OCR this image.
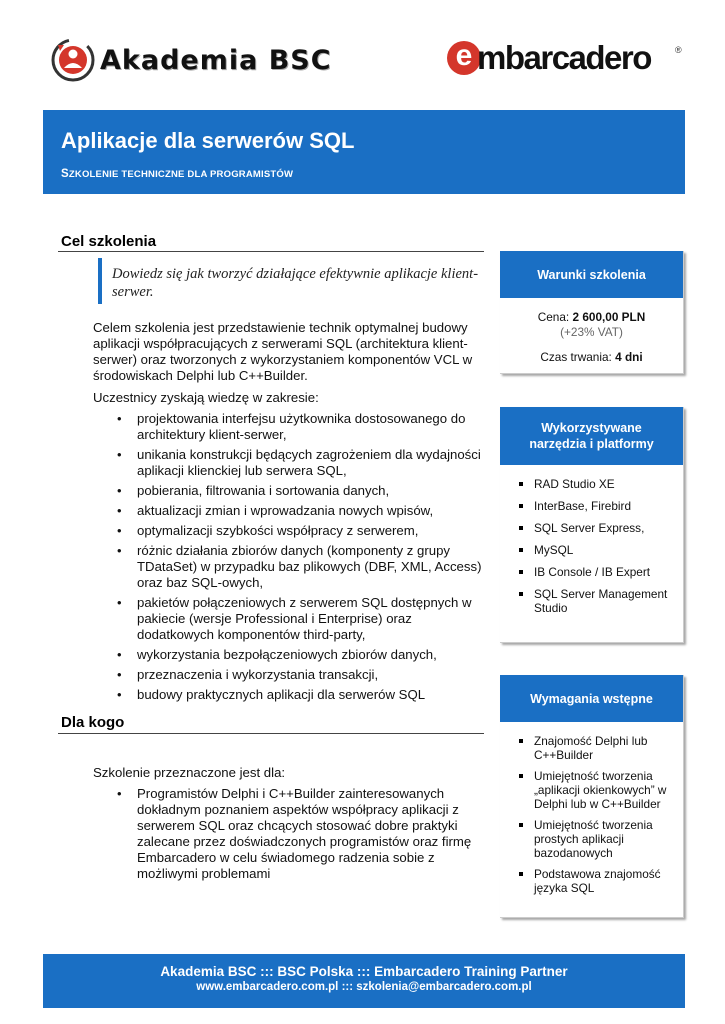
Akademia BSC	e mbarcadero	®
Aplikacje dla serwerów SQL
SZKOLENIE TECHNICZNE DLA PROGRAMISTÓW
Cel szkolenia
Dowiedz się jak tworzyć działające efektywnie aplikacje klient-serwer.
Celem szkolenia jest przedstawienie technik optymalnej budowy aplikacji współpracujących z serwerami SQL (architektura klient-serwer) oraz tworzonych z wykorzystaniem komponentów VCL w środowiskach Delphi lub C++Builder.
Uczestnicy zyskają wiedzę w zakresie:
• projektowania interfejsu użytkownika dostosowanego do architektury klient-serwer,
• unikania konstrukcji będących zagrożeniem dla wydajności aplikacji klienckiej lub serwera SQL,
• pobierania, filtrowania i sortowania danych,
• aktualizacji zmian i wprowadzania nowych wpisów,
• optymalizacji szybkości współpracy z serwerem,
• różnic działania zbiorów danych (komponenty z grupy TDataSet) w przypadku baz plikowych (DBF, XML, Access) oraz baz SQL-owych,
• pakietów połączeniowych z serwerem SQL dostępnych w pakiecie (wersje Professional i Enterprise) oraz dodatkowych komponentów third-party,
• wykorzystania bezpołączeniowych zbiorów danych,
• przeznaczenia i wykorzystania transakcji,
• budowy praktycznych aplikacji dla serwerów SQL
Dla kogo
Szkolenie przeznaczone jest dla:
• Programistów Delphi i C++Builder zainteresowanych dokładnym poznaniem aspektów współpracy aplikacji z serwerem SQL oraz chcących stosować dobre praktyki zalecane przez doświadczonych programistów oraz firmę Embarcadero w celu świadomego radzenia sobie z możliwymi problemami
Warunki szkolenia
Cena: 2 600,00 PLN
(+23% VAT)
Czas trwania: 4 dni
Wykorzystywane narzędzia i platformy
RAD Studio XE
InterBase, Firebird
SQL Server Express,
MySQL
IB Console / IB Expert
SQL Server Management Studio
Wymagania wstępne
Znajomość Delphi lub C++Builder
Umiejętność tworzenia „aplikacji okienkowych” w Delphi lub w C++Builder
Umiejętność tworzenia prostych aplikacji bazodanowych
Podstawowa znajomość języka SQL
Akademia BSC ::: BSC Polska ::: Embarcadero Training Partner
www.embarcadero.com.pl ::: szkolenia@embarcadero.com.pl
